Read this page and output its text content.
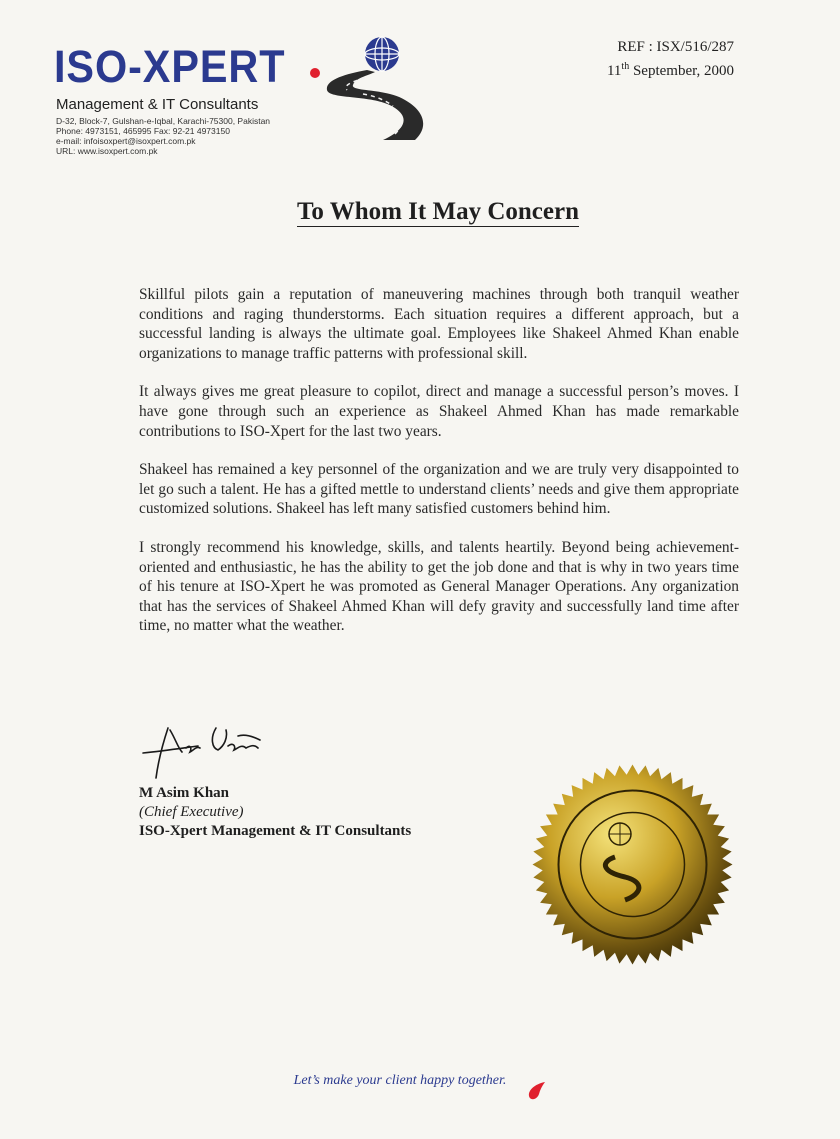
ISO-XPERT
Management & IT Consultants
D-32, Block-7, Gulshan-e-Iqbal, Karachi-75300, Pakistan
Phone: 4973151, 465995 Fax: 92-21 4973150
e-mail: infoisoxpert@isoxpert.com.pk
URL: www.isoxpert.com.pk
REF : ISX/516/287
11th September, 2000
To Whom It May Concern

Skillful pilots gain a reputation of maneuvering machines through both tranquil weather conditions and raging thunderstorms. Each situation requires a different approach, but a successful landing is always the ultimate goal. Employees like Shakeel Ahmed Khan enable organizations to manage traffic patterns with professional skill.

It always gives me great pleasure to copilot, direct and manage a successful person’s moves. I have gone through such an experience as Shakeel Ahmed Khan has made remarkable contributions to ISO-Xpert for the last two years.

Shakeel has remained a key personnel of the organization and we are truly very disappointed to let go such a talent. He has a gifted mettle to understand clients’ needs and give them appropriate customized solutions. Shakeel has left many satisfied customers behind him.

I strongly recommend his knowledge, skills, and talents heartily. Beyond being achievement-oriented and enthusiastic, he has the ability to get the job done and that is why in two years time of his tenure at ISO-Xpert he was promoted as General Manager Operations. Any organization that has the services of Shakeel Ahmed Khan will defy gravity and successfully land time after time, no matter what the weather.

M Asim Khan
(Chief Executive)
ISO-Xpert Management & IT Consultants
Let’s make your client happy together.
